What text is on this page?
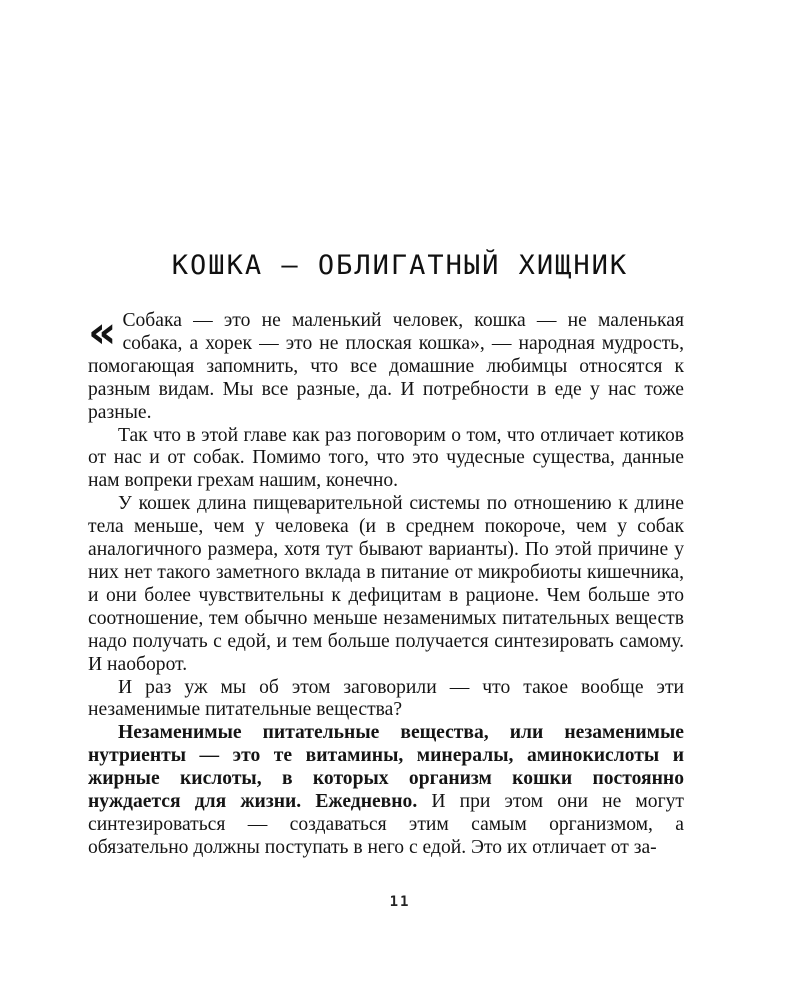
КОШКА — ОБЛИГАТНЫЙ ХИЩНИК

« Собака — это не маленький человек, кошка — не маленькая собака, а хорек — это не плоская кошка», — народная мудрость, помогающая запомнить, что все домашние любимцы относятся к разным видам. Мы все разные, да. И потребности в еде у нас тоже разные.

Так что в этой главе как раз поговорим о том, что отличает котиков от нас и от собак. Помимо того, что это чудесные существа, данные нам вопреки грехам нашим, конечно.

У кошек длина пищеварительной системы по отношению к длине тела меньше, чем у человека (и в среднем покороче, чем у собак аналогичного размера, хотя тут бывают варианты). По этой причине у них нет такого заметного вклада в питание от микробиоты кишечника, и они более чувствительны к дефицитам в рационе. Чем больше это соотношение, тем обычно меньше незаменимых питательных веществ надо получать с едой, и тем больше получается синтезировать самому. И наоборот.

И раз уж мы об этом заговорили — что такое вообще эти незаменимые питательные вещества?

Незаменимые питательные вещества, или незаменимые нутриенты — это те витамины, минералы, аминокислоты и жирные кислоты, в которых организм кошки постоянно нуждается для жизни. Ежедневно. И при этом они не могут синтезироваться — создаваться этим самым организмом, а обязательно должны поступать в него с едой. Это их отличает от за-

11
